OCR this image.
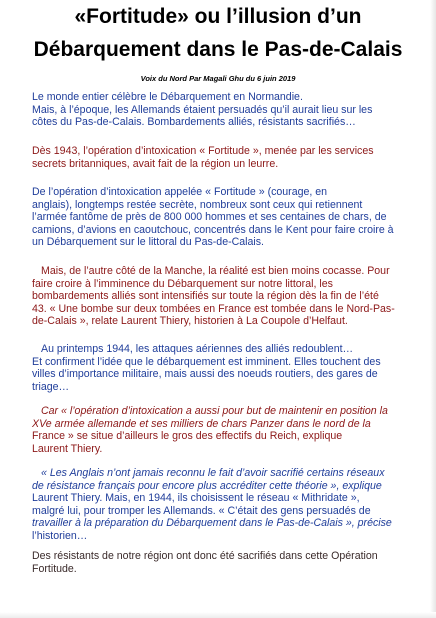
«Fortitude» ou l’illusion d’un
Débarquement dans le Pas-de-Calais
Voix du Nord Par Magali Ghu du 6 juin 2019

Le monde entier célèbre le Débarquement en Normandie.
Mais, à l’époque, les Allemands étaient persuadés qu’il aurait lieu sur les
côtes du Pas-de-Calais. Bombardements alliés, résistants sacrifiés…

Dès 1943, l’opération d’intoxication « Fortitude », menée par les services
secrets britanniques, avait fait de la région un leurre.

De l’opération d’intoxication appelée « Fortitude » (courage, en
anglais), longtemps restée secrète, nombreux sont ceux qui retiennent
l’armée fantôme de près de 800 000 hommes et ses centaines de chars, de
camions, d’avions en caoutchouc, concentrés dans le Kent pour faire croire à
un Débarquement sur le littoral du Pas-de-Calais.

Mais, de l’autre côté de la Manche, la réalité est bien moins cocasse. Pour
faire croire à l’imminence du Débarquement sur notre littoral, les
bombardements alliés sont intensifiés sur toute la région dès la fin de l’été
43. « Une bombe sur deux tombées en France est tombée dans le Nord-Pas-
de-Calais », relate Laurent Thiery, historien à La Coupole d’Helfaut.

Au printemps 1944, les attaques aériennes des alliés redoublent…
Et confirment l’idée que le débarquement est imminent. Elles touchent des
villes d’importance militaire, mais aussi des noeuds routiers, des gares de
triage…

Car « l’opération d’intoxication a aussi pour but de maintenir en position la
XVe armée allemande et ses milliers de chars Panzer dans le nord de la
France » se situe d’ailleurs le gros des effectifs du Reich, explique
Laurent Thiery.

« Les Anglais n’ont jamais reconnu le fait d’avoir sacrifié certains réseaux
de résistance français pour encore plus accréditer cette théorie », explique
Laurent Thiery. Mais, en 1944, ils choisissent le réseau « Mithridate »,
malgré lui, pour tromper les Allemands. « C’était des gens persuadés de
travailler à la préparation du Débarquement dans le Pas-de-Calais », précise
l’historien…

Des résistants de notre région ont donc été sacrifiés dans cette Opération
Fortitude.
